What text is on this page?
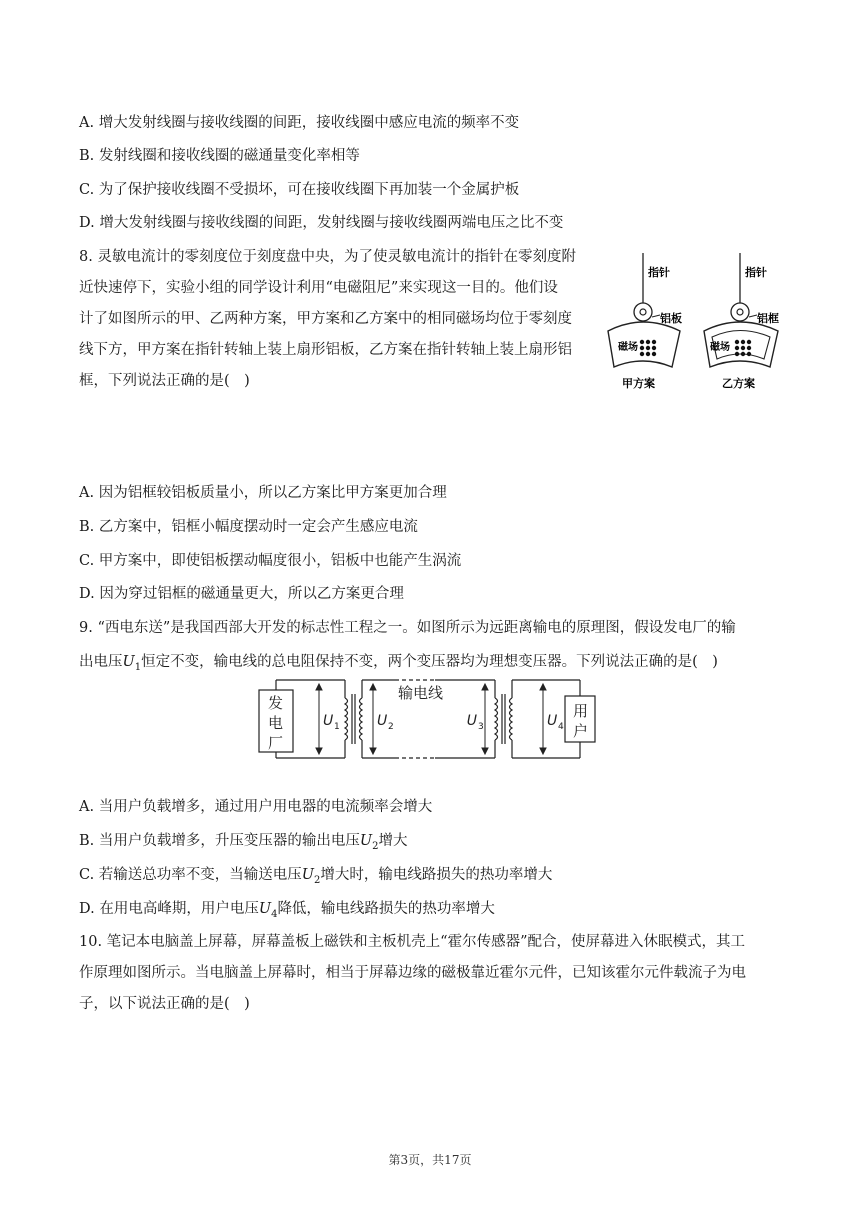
A. 增大发射线圈与接收线圈的间距，接收线圈中感应电流的频率不变
B. 发射线圈和接收线圈的磁通量变化率相等
C. 为了保护接收线圈不受损坏，可在接收线圈下再加装一个金属护板
D. 增大发射线圈与接收线圈的间距，发射线圈与接收线圈两端电压之比不变
8. 灵敏电流计的零刻度位于刻度盘中央，为了使灵敏电流计的指针在零刻度附
近快速停下，实验小组的同学设计利用“电磁阻尼”来实现这一目的。他们设
计了如图所示的甲、乙两种方案，甲方案和乙方案中的相同磁场均位于零刻度
线下方，甲方案在指针转轴上装上扇形铝板，乙方案在指针转轴上装上扇形铝
框，下列说法正确的是(　)
指针
铝板
磁场
甲方案
指针
铝框
磁场
乙方案
A. 因为铝框较铝板质量小，所以乙方案比甲方案更加合理
B. 乙方案中，铝框小幅度摆动时一定会产生感应电流
C. 甲方案中，即使铝板摆动幅度很小，铝板中也能产生涡流
D. 因为穿过铝框的磁通量更大，所以乙方案更合理
9. “西电东送”是我国西部大开发的标志性工程之一。如图所示为远距离输电的原理图，假设发电厂的输
出电压$U_1$恒定不变，输电线的总电阻保持不变，两个变压器均为理想变压器。下列说法正确的是(　)
发
电
厂
输电线
用
户
U	U	U	U
1	2	3	4
A. 当用户负载增多，通过用户用电器的电流频率会增大
B. 当用户负载增多，升压变压器的输出电压$U_2$增大
C. 若输送总功率不变，当输送电压$U_2$增大时，输电线路损失的热功率增大
D. 在用电高峰期，用户电压$U_4$降低，输电线路损失的热功率增大
10. 笔记本电脑盖上屏幕，屏幕盖板上磁铁和主板机壳上“霍尔传感器”配合，使屏幕进入休眠模式，其工
作原理如图所示。当电脑盖上屏幕时，相当于屏幕边缘的磁极靠近霍尔元件，已知该霍尔元件载流子为电
子，以下说法正确的是(　)
第3页，共17页
